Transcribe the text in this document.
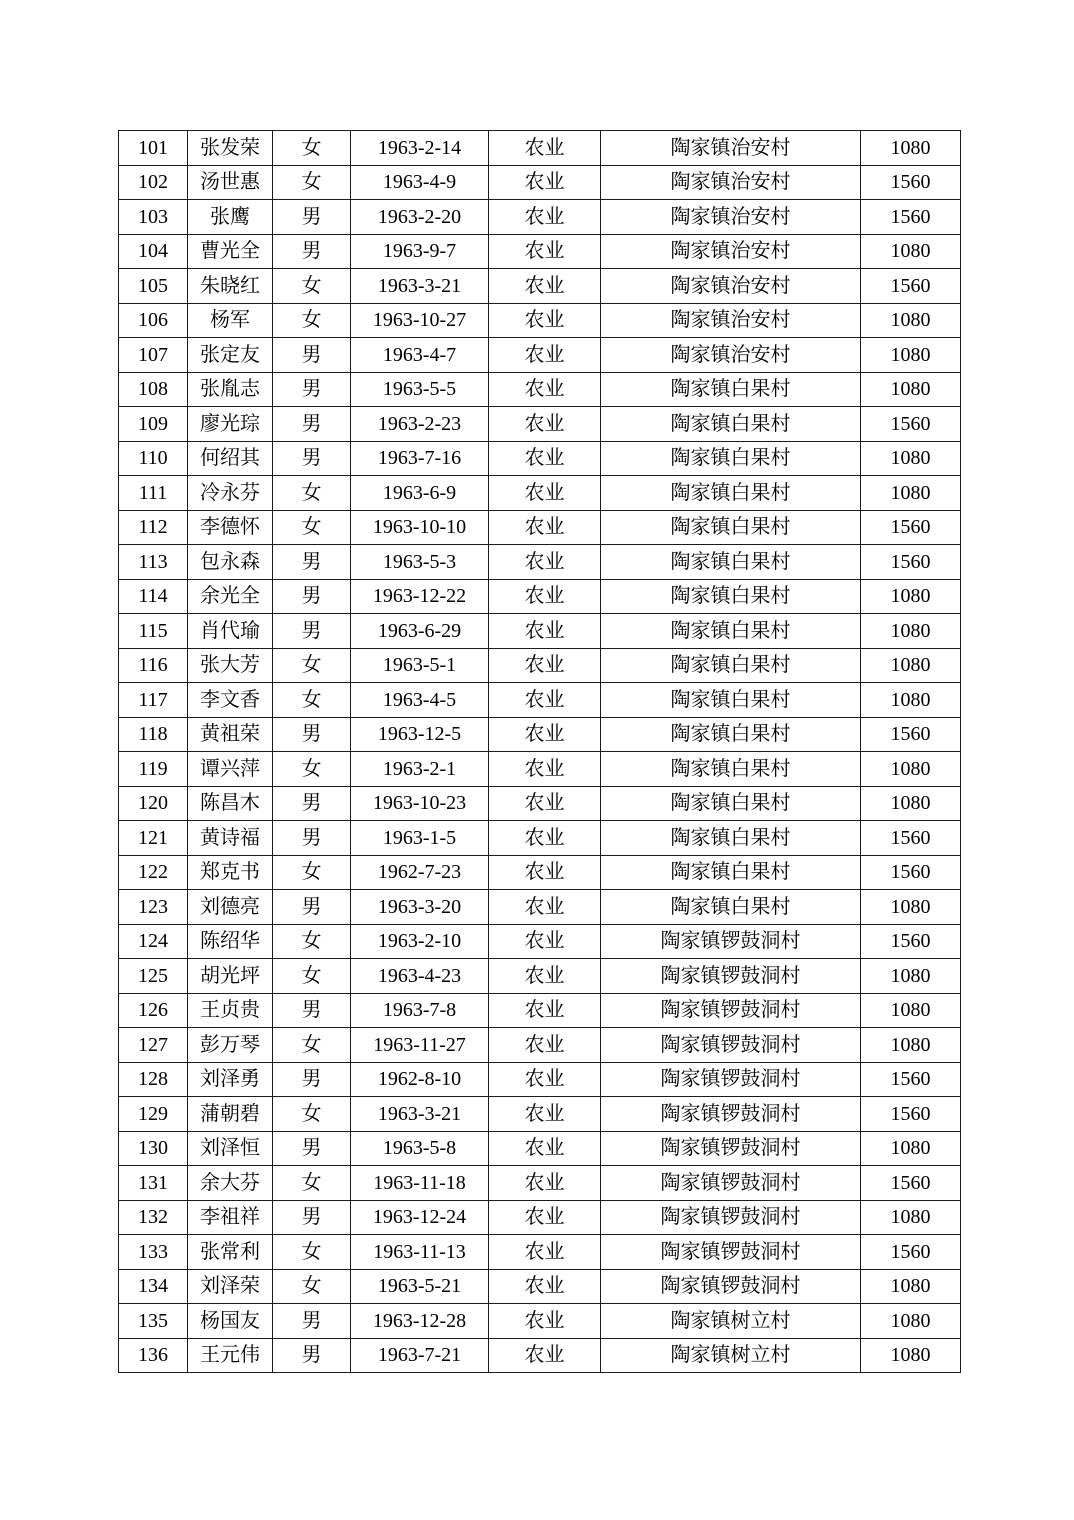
101	张发荣	女	1963-2-14	农业	陶家镇治安村	1080
102	汤世惠	女	1963-4-9	农业	陶家镇治安村	1560
103	张鹰	男	1963-2-20	农业	陶家镇治安村	1560
104	曹光全	男	1963-9-7	农业	陶家镇治安村	1080
105	朱晓红	女	1963-3-21	农业	陶家镇治安村	1560
106	杨军	女	1963-10-27	农业	陶家镇治安村	1080
107	张定友	男	1963-4-7	农业	陶家镇治安村	1080
108	张胤志	男	1963-5-5	农业	陶家镇白果村	1080
109	廖光琮	男	1963-2-23	农业	陶家镇白果村	1560
110	何绍其	男	1963-7-16	农业	陶家镇白果村	1080
111	冷永芬	女	1963-6-9	农业	陶家镇白果村	1080
112	李德怀	女	1963-10-10	农业	陶家镇白果村	1560
113	包永森	男	1963-5-3	农业	陶家镇白果村	1560
114	余光全	男	1963-12-22	农业	陶家镇白果村	1080
115	肖代瑜	男	1963-6-29	农业	陶家镇白果村	1080
116	张大芳	女	1963-5-1	农业	陶家镇白果村	1080
117	李文香	女	1963-4-5	农业	陶家镇白果村	1080
118	黄祖荣	男	1963-12-5	农业	陶家镇白果村	1560
119	谭兴萍	女	1963-2-1	农业	陶家镇白果村	1080
120	陈昌木	男	1963-10-23	农业	陶家镇白果村	1080
121	黄诗福	男	1963-1-5	农业	陶家镇白果村	1560
122	郑克书	女	1962-7-23	农业	陶家镇白果村	1560
123	刘德亮	男	1963-3-20	农业	陶家镇白果村	1080
124	陈绍华	女	1963-2-10	农业	陶家镇锣鼓洞村	1560
125	胡光坪	女	1963-4-23	农业	陶家镇锣鼓洞村	1080
126	王贞贵	男	1963-7-8	农业	陶家镇锣鼓洞村	1080
127	彭万琴	女	1963-11-27	农业	陶家镇锣鼓洞村	1080
128	刘泽勇	男	1962-8-10	农业	陶家镇锣鼓洞村	1560
129	蒲朝碧	女	1963-3-21	农业	陶家镇锣鼓洞村	1560
130	刘泽恒	男	1963-5-8	农业	陶家镇锣鼓洞村	1080
131	余大芬	女	1963-11-18	农业	陶家镇锣鼓洞村	1560
132	李祖祥	男	1963-12-24	农业	陶家镇锣鼓洞村	1080
133	张常利	女	1963-11-13	农业	陶家镇锣鼓洞村	1560
134	刘泽荣	女	1963-5-21	农业	陶家镇锣鼓洞村	1080
135	杨国友	男	1963-12-28	农业	陶家镇树立村	1080
136	王元伟	男	1963-7-21	农业	陶家镇树立村	1080
